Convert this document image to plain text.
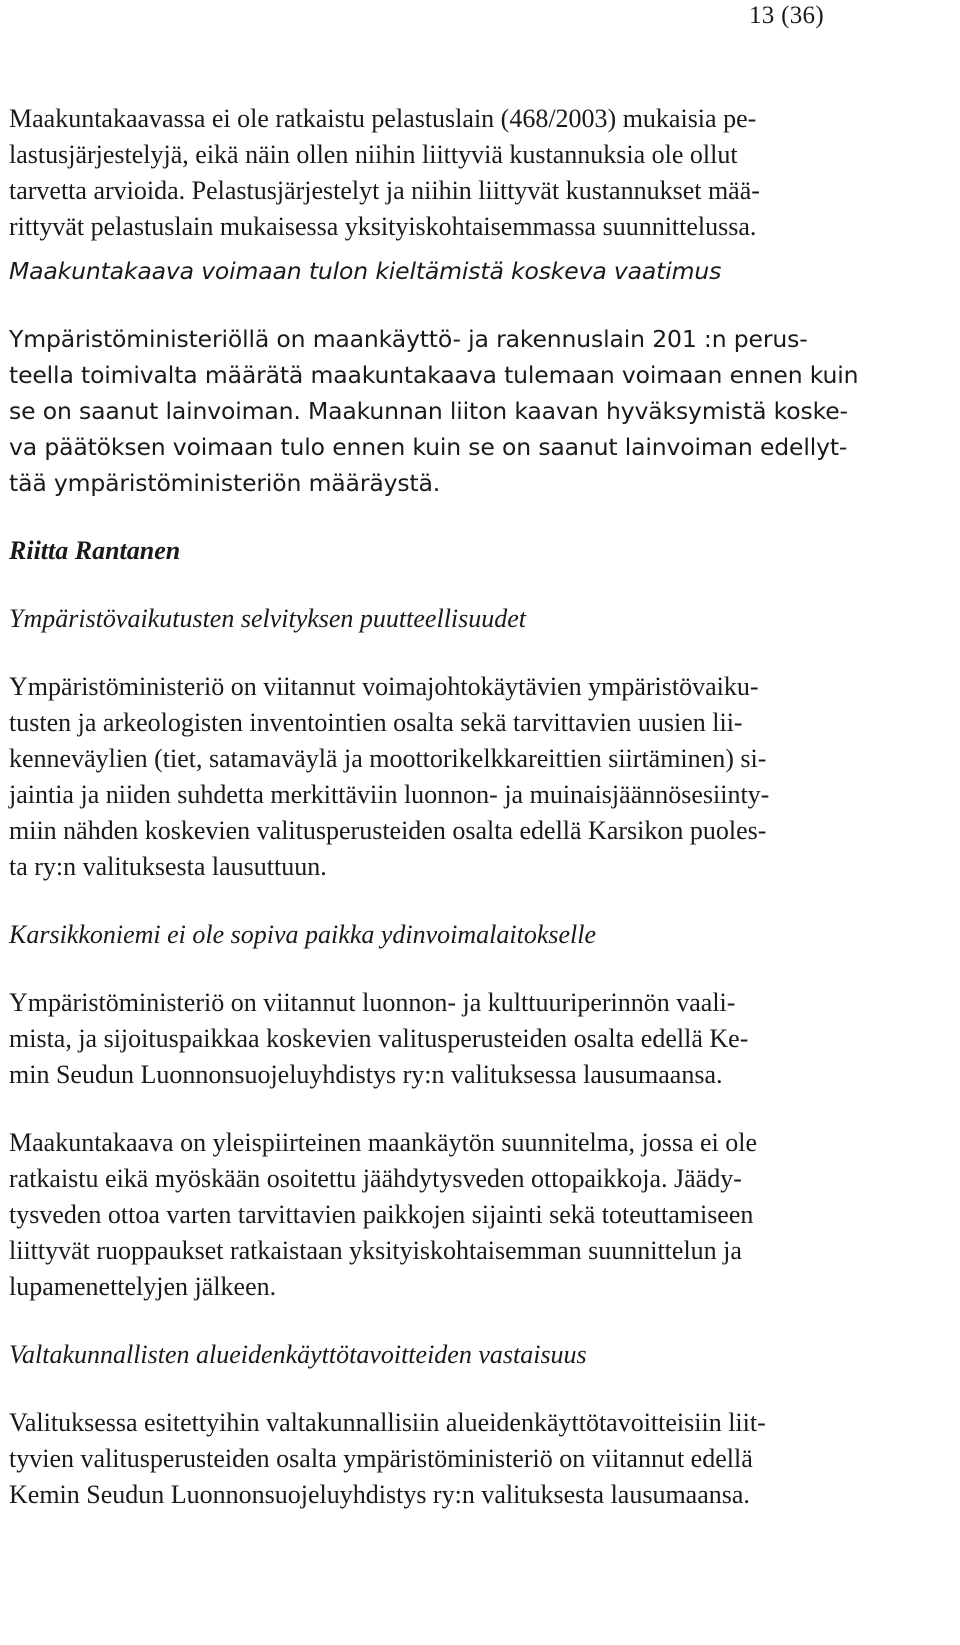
13 (36)
Maakuntakaavassa ei ole ratkaistu pelastuslain (468/2003) mukaisia pe-
lastusjärjestelyjä, eikä näin ollen niihin liittyviä kustannuksia ole ollut
tarvetta arvioida. Pelastusjärjestelyt ja niihin liittyvät kustannukset mää-
rittyvät pelastuslain mukaisessa yksityiskohtaisemmassa suunnittelussa.
Maakuntakaava voimaan tulon kieltämistä koskeva vaatimus
Ympäristöministeriöllä on maankäyttö- ja rakennuslain 201 :n perus-
teella toimivalta määrätä maakuntakaava tulemaan voimaan ennen kuin
se on saanut lainvoiman. Maakunnan liiton kaavan hyväksymistä koske-
va päätöksen voimaan tulo ennen kuin se on saanut lainvoiman edellyt-
tää ympäristöministeriön määräystä.
Riitta Rantanen
Ympäristövaikutusten selvityksen puutteellisuudet
Ympäristöministeriö on viitannut voimajohtokäytävien ympäristövaiku-
tusten ja arkeologisten inventointien osalta sekä tarvittavien uusien lii-
kenneväylien (tiet, satamaväylä ja moottorikelkkareittien siirtäminen) si-
jaintia ja niiden suhdetta merkittäviin luonnon- ja muinaisjäännösesiinty-
miin nähden koskevien valitusperusteiden osalta edellä Karsikon puoles-
ta ry:n valituksesta lausuttuun.
Karsikkoniemi ei ole sopiva paikka ydinvoimalaitokselle
Ympäristöministeriö on viitannut luonnon- ja kulttuuriperinnön vaali-
mista, ja sijoituspaikkaa koskevien valitusperusteiden osalta edellä Ke-
min Seudun Luonnonsuojeluyhdistys ry:n valituksessa lausumaansa.
Maakuntakaava on yleispiirteinen maankäytön suunnitelma, jossa ei ole
ratkaistu eikä myöskään osoitettu jäähdytysveden ottopaikkoja. Jäädy-
tysveden ottoa varten tarvittavien paikkojen sijainti sekä toteuttamiseen
liittyvät ruoppaukset ratkaistaan yksityiskohtaisemman suunnittelun ja
lupamenettelyjen jälkeen.
Valtakunnallisten alueidenkäyttötavoitteiden vastaisuus
Valituksessa esitettyihin valtakunnallisiin alueidenkäyttötavoitteisiin liit-
tyvien valitusperusteiden osalta ympäristöministeriö on viitannut edellä
Kemin Seudun Luonnonsuojeluyhdistys ry:n valituksesta lausumaansa.
